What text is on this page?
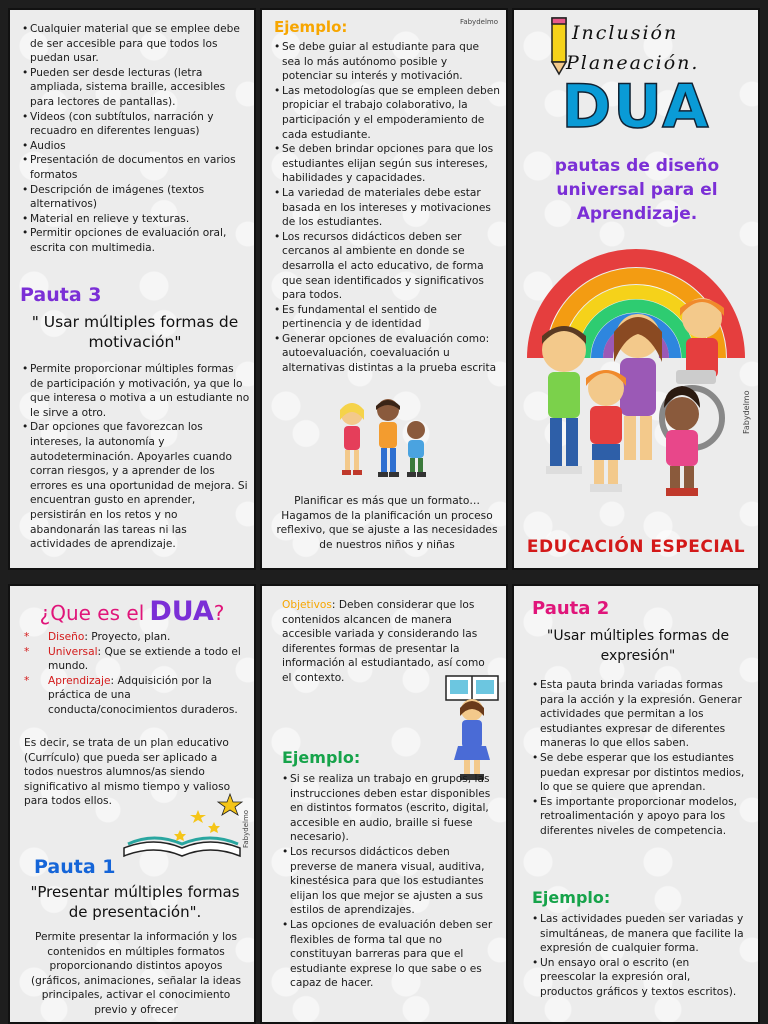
• Cualquier material que se emplee debe de ser accesible para que todos los puedan usar.
• Pueden ser desde lecturas (letra ampliada, sistema braille, accesibles para lectores de pantallas).
• Videos (con subtítulos, narración y recuadro en diferentes lenguas)
• Audios
• Presentación de documentos en varios formatos
• Descripción de imágenes (textos alternativos)
• Material en relieve y texturas.
• Permitir opciones de evaluación oral, escrita con multimedia.
Pauta 3
" Usar múltiples formas de motivación"
• Permite proporcionar múltiples formas de participación y motivación, ya que lo que interesa o motiva a un estudiante no le sirve a otro.
• Dar opciones que favorezcan los intereses, la autonomía y autodeterminación. Apoyarles cuando corran riesgos, y a aprender de los errores es una oportunidad de mejora. Si encuentran gusto en aprender, persistirán en los retos y no abandonarán las tareas ni las actividades de aprendizaje.
Ejemplo:	Fabydelmo
• Se debe guiar al estudiante para que sea lo más autónomo posible y potenciar su interés y motivación.
• Las metodologías que se empleen deben propiciar el trabajo colaborativo, la participación y el empoderamiento de cada estudiante.
• Se deben brindar opciones para que los estudiantes elijan según sus intereses, habilidades y capacidades.
• La variedad de materiales debe estar basada en los intereses y motivaciones de los estudiantes.
• Los recursos didácticos deben ser cercanos al ambiente en donde se desarrolla el acto educativo, de forma que sean identificados y significativos para todos.
• Es fundamental el sentido de pertinencia y de identidad
• Generar opciones de evaluación como: autoevaluación, coevaluación u alternativas distintas a la prueba escrita
Planificar es más que un formato… Hagamos de la planificación un proceso reflexivo, que se ajuste a las necesidades de nuestros niños y niñas
Inclusión
Planeación.
DUA
pautas de diseño universal para el Aprendizaje.
Fabydelmo
EDUCACIÓN ESPECIAL
¿Que es el DUA?
* Diseño: Proyecto, plan.
* Universal: Que se extiende a todo el mundo.
* Aprendizaje: Adquisición por la práctica de una conducta/conocimientos duraderos.
Es decir, se trata de un plan educativo (Currículo) que pueda ser aplicado a todos nuestros alumnos/as siendo significativo al mismo tiempo y valioso para todos ellos.
Fabydelmo
Pauta 1
"Presentar múltiples formas de presentación".
Permite presentar la información y los contenidos en múltiples formatos proporcionando distintos apoyos (gráficos, animaciones, señalar la ideas principales, activar el conocimiento previo y ofrecer
Objetivos: Deben considerar que los contenidos alcancen de manera accesible variada y considerando las diferentes formas de presentar la información al estudiantado, así como el contexto.
Ejemplo:
• Si se realiza un trabajo en grupos, las instrucciones deben estar disponibles en distintos formatos (escrito, digital, accesible en audio, braille si fuese necesario).
• Los recursos didácticos deben preverse de manera visual, auditiva, kinestésica para que los estudiantes elijan los que mejor se ajusten a sus estilos de aprendizajes.
• Las opciones de evaluación deben ser flexibles de forma tal que no constituyan barreras para que el estudiante exprese lo que sabe o es capaz de hacer.
Pauta 2
"Usar múltiples formas de expresión"
• Esta pauta brinda variadas formas para la acción y la expresión. Generar actividades que permitan a los estudiantes expresar de diferentes maneras lo que ellos saben.
• Se debe esperar que los estudiantes puedan expresar por distintos medios, lo que se quiere que aprendan.
• Es importante proporcionar modelos, retroalimentación y apoyo para los diferentes niveles de competencia.
Ejemplo:
• Las actividades pueden ser variadas y simultáneas, de manera que facilite la expresión de cualquier forma.
• Un ensayo oral o escrito (en preescolar la expresión oral, productos gráficos y textos escritos).
